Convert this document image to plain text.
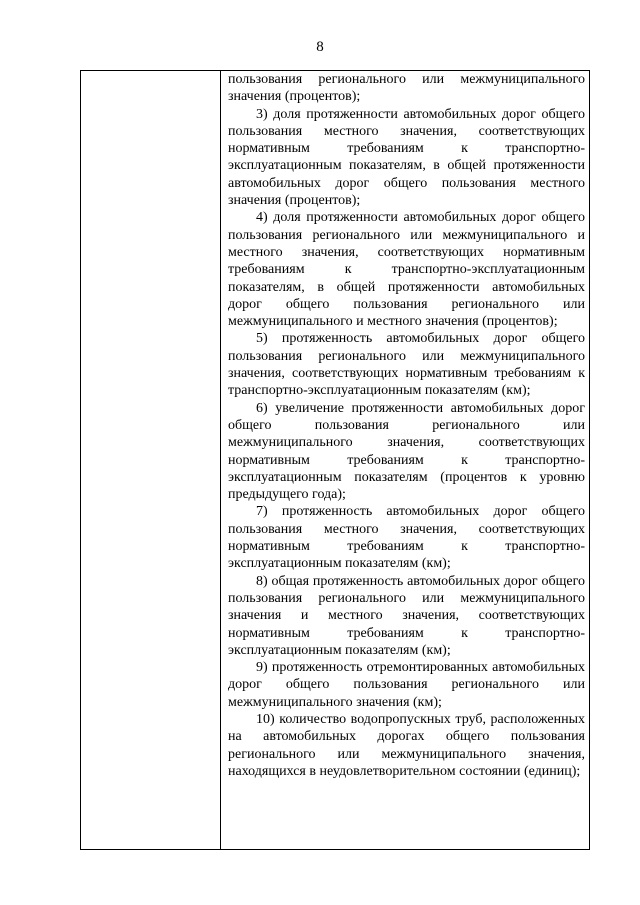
8

пользования регионального или межмуниципального значения (процентов);

3) доля протяженности автомобильных дорог общего пользования местного значения, соответствующих нормативным требованиям к транспортно-эксплуатационным показателям, в общей протяженности автомобильных дорог общего пользования местного значения (процентов);

4) доля протяженности автомобильных дорог общего пользования регионального или межмуниципального и местного значения, соответствующих нормативным требованиям к транспортно-эксплуатационным показателям, в общей протяженности автомобильных дорог общего пользования регионального или межмуниципального и местного значения (процентов);

5) протяженность автомобильных дорог общего пользования регионального или межмуниципального значения, соответствующих нормативным требованиям к транспортно-эксплуатационным показателям (км);

6) увеличение протяженности автомобильных дорог общего пользования регионального или межмуниципального значения, соответствующих нормативным требованиям к транспортно-эксплуатационным показателям (процентов к уровню предыдущего года);

7) протяженность автомобильных дорог общего пользования местного значения, соответствующих нормативным требованиям к транспортно-эксплуатационным показателям (км);

8) общая протяженность автомобильных дорог общего пользования регионального или межмуниципального значения и местного значения, соответствующих нормативным требованиям к транспортно-эксплуатационным показателям (км);

9) протяженность отремонтированных автомобильных дорог общего пользования регионального или межмуниципального значения (км);

10) количество водопропускных труб, расположенных на автомобильных дорогах общего пользования регионального или межмуниципального значения, находящихся в неудовлетворительном состоянии (единиц);
